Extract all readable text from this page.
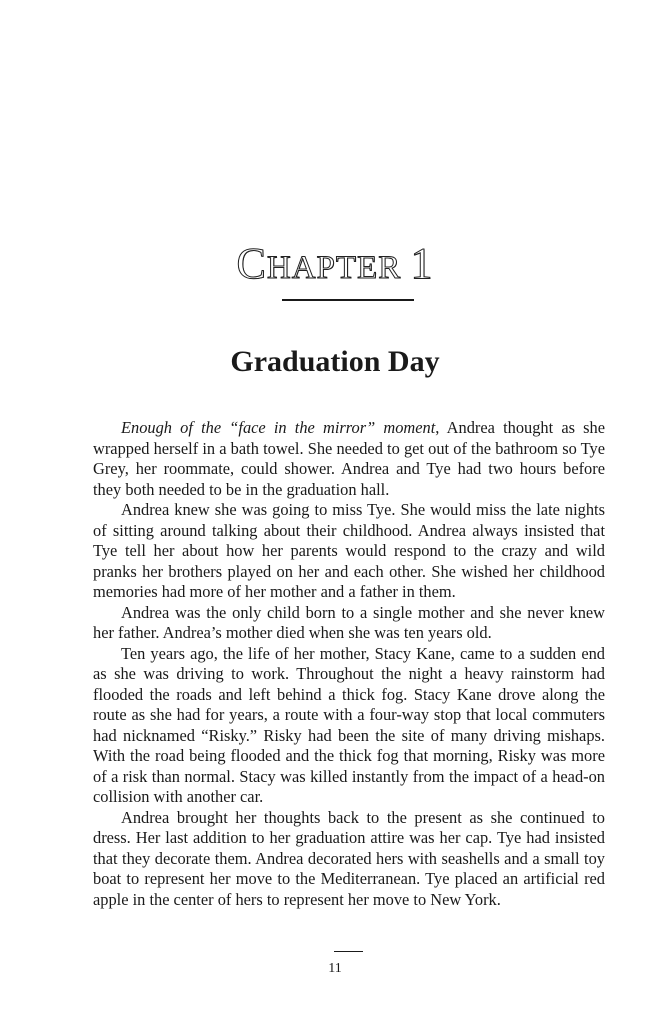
CHAPTER 1
Graduation Day

Enough of the “face in the mirror” moment, Andrea thought as she wrapped herself in a bath towel. She needed to get out of the bathroom so Tye Grey, her roommate, could shower. Andrea and Tye had two hours before they both needed to be in the graduation hall.

Andrea knew she was going to miss Tye. She would miss the late nights of sitting around talking about their childhood. Andrea always insisted that Tye tell her about how her parents would respond to the crazy and wild pranks her brothers played on her and each other. She wished her childhood memories had more of her mother and a father in them.

Andrea was the only child born to a single mother and she never knew her father. Andrea’s mother died when she was ten years old.

Ten years ago, the life of her mother, Stacy Kane, came to a sudden end as she was driving to work. Throughout the night a heavy rainstorm had flooded the roads and left behind a thick fog. Stacy Kane drove along the route as she had for years, a route with a four-way stop that local commuters had nicknamed “Risky.” Risky had been the site of many driving mishaps. With the road being flooded and the thick fog that morning, Risky was more of a risk than normal. Stacy was killed instantly from the impact of a head-on collision with another car.

Andrea brought her thoughts back to the present as she continued to dress. Her last addition to her graduation attire was her cap. Tye had insisted that they decorate them. Andrea decorated hers with seashells and a small toy boat to represent her move to the Mediterranean. Tye placed an artificial red apple in the center of hers to represent her move to New York.

11
